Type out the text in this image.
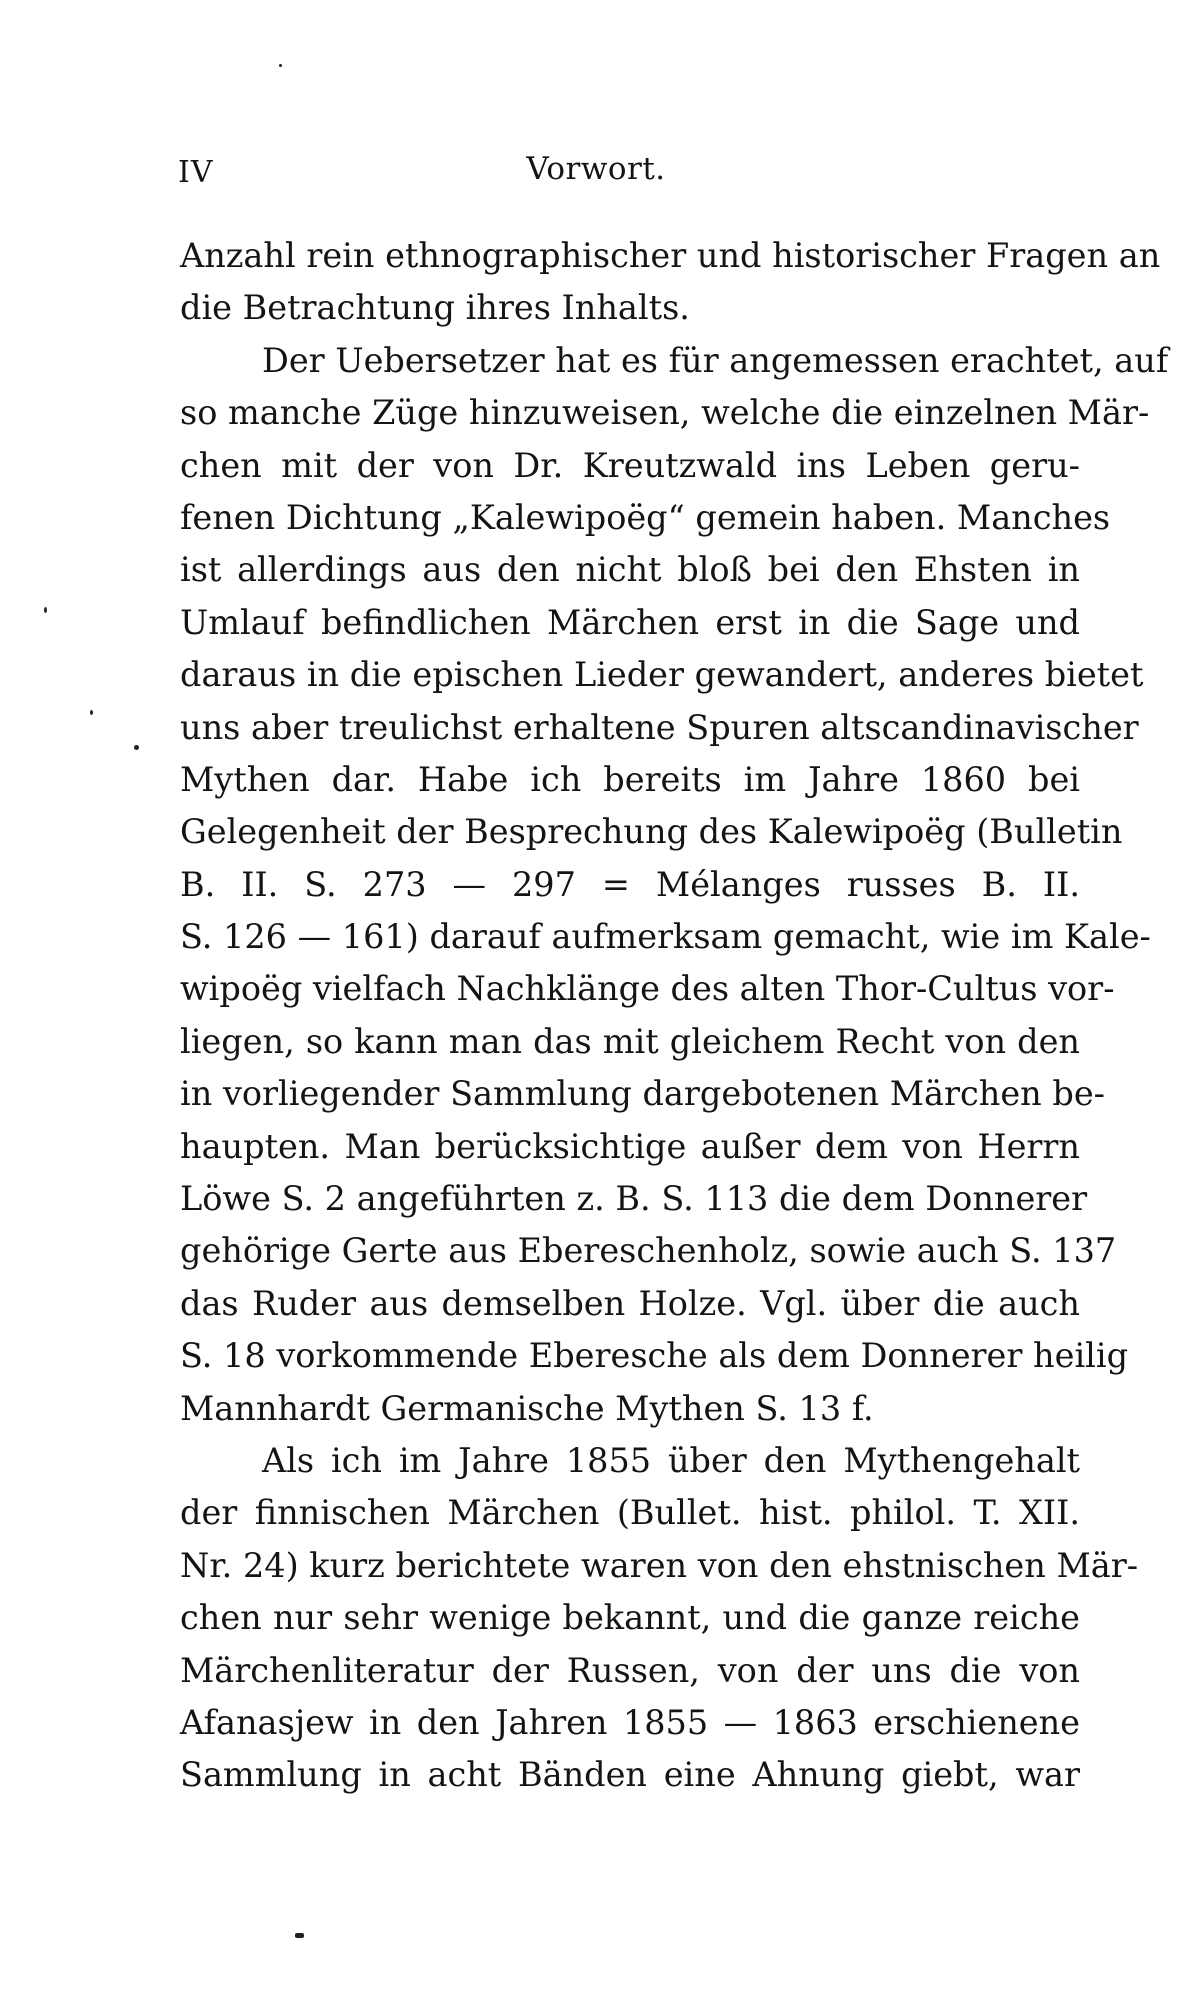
IV	Vorwort.
Anzahl rein ethnographischer und historischer Fragen an
die Betrachtung ihres Inhalts.
Der Uebersetzer hat es für angemessen erachtet, auf
so manche Züge hinzuweisen, welche die einzelnen Mär-
chen mit der von Dr. Kreutzwald ins Leben geru-
fenen Dichtung „Kalewipoëg“ gemein haben. Manches
ist allerdings aus den nicht bloß bei den Ehsten in
Umlauf befindlichen Märchen erst in die Sage und
daraus in die epischen Lieder gewandert, anderes bietet
uns aber treulichst erhaltene Spuren altscandinavischer
Mythen dar. Habe ich bereits im Jahre 1860 bei
Gelegenheit der Besprechung des Kalewipoëg (Bulletin
B. II. S. 273 — 297 = Mélanges russes B. II.
S. 126 — 161) darauf aufmerksam gemacht, wie im Kale-
wipoëg vielfach Nachklänge des alten Thor-Cultus vor-
liegen, so kann man das mit gleichem Recht von den
in vorliegender Sammlung dargebotenen Märchen be-
haupten. Man berücksichtige außer dem von Herrn
Löwe S. 2 angeführten z. B. S. 113 die dem Donnerer
gehörige Gerte aus Ebereschenholz, sowie auch S. 137
das Ruder aus demselben Holze. Vgl. über die auch
S. 18 vorkommende Eberesche als dem Donnerer heilig
Mannhardt Germanische Mythen S. 13 f.
Als ich im Jahre 1855 über den Mythengehalt
der finnischen Märchen (Bullet. hist. philol. T. XII.
Nr. 24) kurz berichtete waren von den ehstnischen Mär-
chen nur sehr wenige bekannt, und die ganze reiche
Märchenliteratur der Russen, von der uns die von
Afanasjew in den Jahren 1855 — 1863 erschienene
Sammlung in acht Bänden eine Ahnung giebt, war
